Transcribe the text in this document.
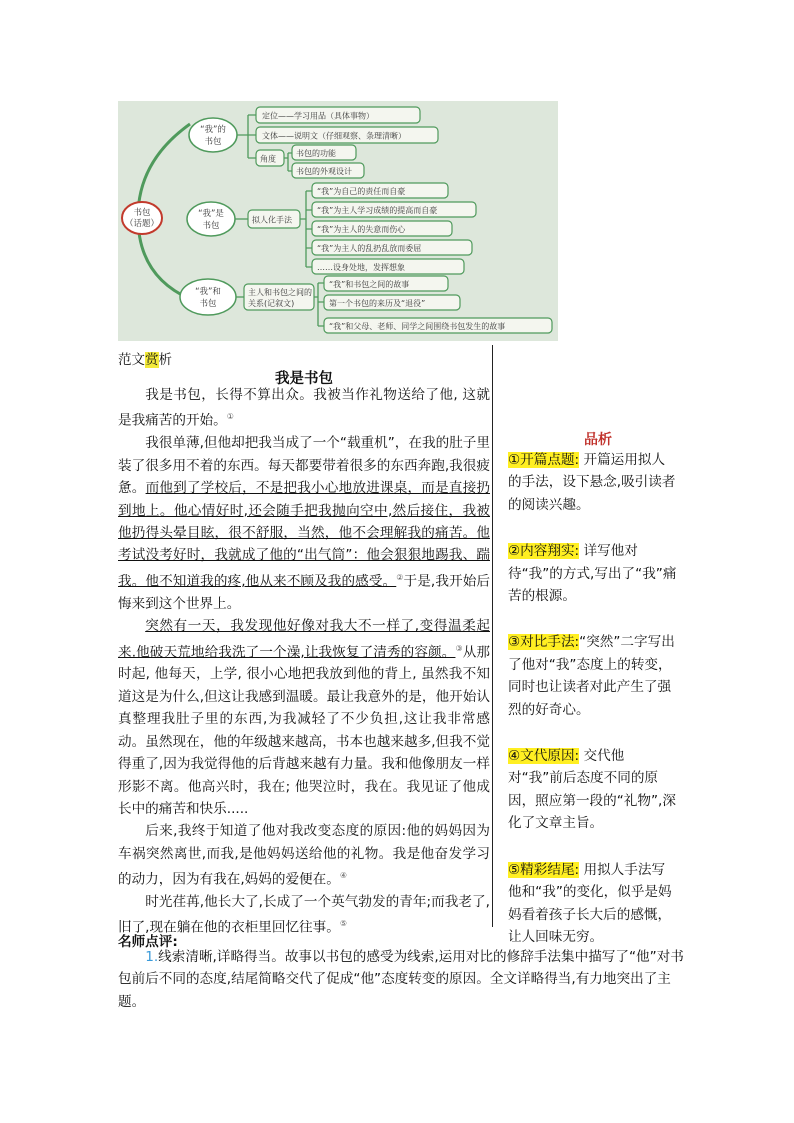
书包
（话题）
“我”的
书包
定位——学习用品（具体事物）
文体——说明文（仔细观察、条理清晰）
角度
书包的功能
书包的外观设计
“我”是
书包
拟人化手法
“我”为自己的责任而自豪
“我”为主人学习成绩的提高而自豪
“我”为主人的失意而伤心
“我”为主人的乱扔乱放而委屈
……设身处地，发挥想象
“我”和
书包
主人和书包之间的
关系(记叙文)
“我”和书包之间的故事
第一个书包的来历及“退役”
“我”和父母、老师、同学之间围绕书包发生的故事
范文赏析
我是书包

我是书包，长得不算出众。我被当作礼物送给了他, 这就是我痛苦的开始。①

我很单薄,但他却把我当成了一个“载重机”，在我的肚子里装了很多用不着的东西。每天都要带着很多的东西奔跑,我很疲惫。而他到了学校后，不是把我小心地放进课桌，而是直接扔到地上。他心情好时,还会随手把我抛向空中,然后接住，我被他扔得头晕目眩，很不舒服，当然，他不会理解我的痛苦。他考试没考好时，我就成了他的“出气筒”：他会狠狠地踢我、踹我。他不知道我的疼,他从来不顾及我的感受。②于是,我开始后悔来到这个世界上。

突然有一天，我发现他好像对我大不一样了,变得温柔起来.他破天荒地给我洗了一个澡,让我恢复了清秀的容颜。③从那时起, 他每天，上学, 很小心地把我放到他的背上, 虽然我不知道这是为什么,但这让我感到温暖。最让我意外的是，他开始认真整理我肚子里的东西,为我减轻了不少负担,这让我非常感动。虽然现在，他的年级越来越高，书本也越来越多,但我不觉得重了,因为我觉得他的后背越来越有力量。我和他像朋友一样形影不离。他高兴时，我在; 他哭泣时，我在。我见证了他成长中的痛苦和快乐.....

后来,我终于知道了他对我改变态度的原因:他的妈妈因为车祸突然离世,而我,是他妈妈送给他的礼物。我是他奋发学习的动力，因为有我在,妈妈的爱便在。④

时光荏苒,他长大了,长成了一个英气勃发的青年;而我老了,旧了,现在躺在他的衣柜里回忆往事。⑤

品析

①开篇点题: 开篇运用拟人的手法，设下悬念,吸引读者的阅读兴趣。

②内容翔实: 详写他对待“我”的方式,写出了“我”痛苦的根源。

③对比手法:“突然”二字写出了他对“我”态度上的转变，同时也让读者对此产生了强烈的好奇心。

④文代原因: 交代他对“我”前后态度不同的原因，照应第一段的“礼物”,深化了文章主旨。

⑤精彩结尾: 用拟人手法写他和“我”的变化，似乎是妈妈看着孩子长大后的感慨，让人回味无穷。

名师点评:
1.线索清晰,详略得当。故事以书包的感受为线索,运用对比的修辞手法集中描写了“他”对书包前后不同的态度,结尾简略交代了促成“他”态度转变的原因。全文详略得当,有力地突出了主题。
